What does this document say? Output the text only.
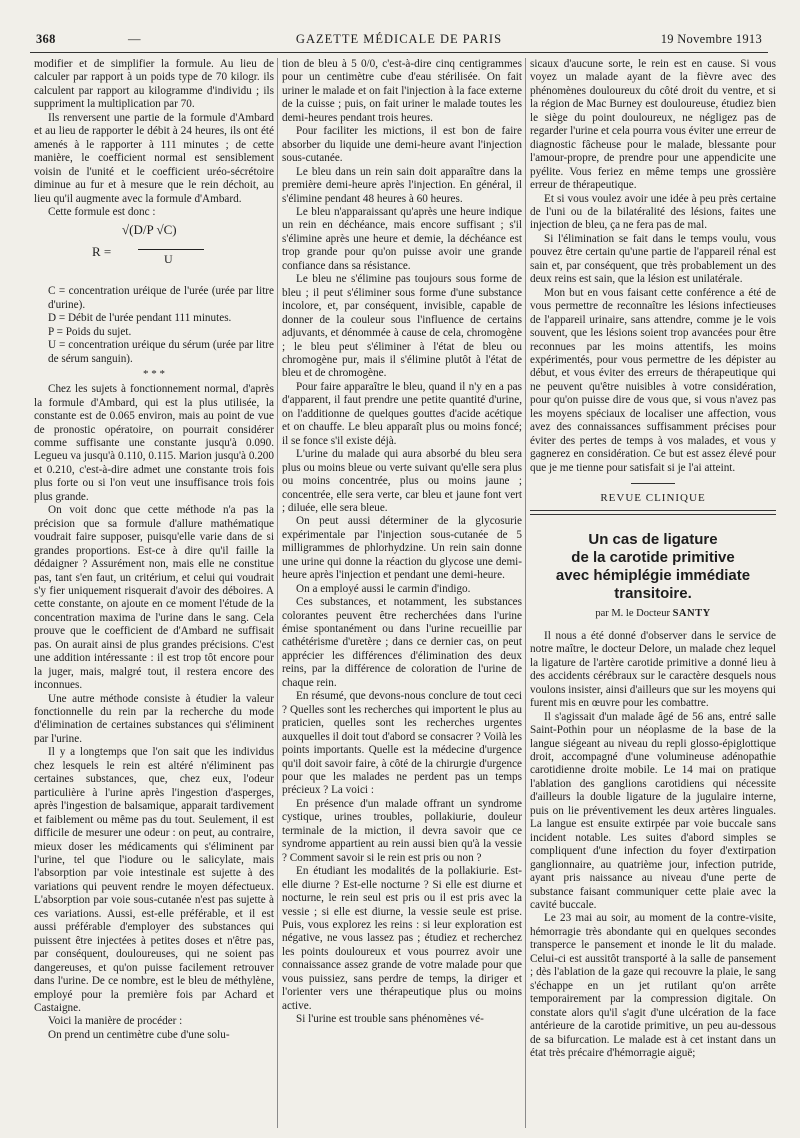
368	—	GAZETTE MÉDICALE DE PARIS	19 Novembre 1913

modifier et de simplifier la formule. Au lieu de calculer par rapport à un poids type de 70 kilogr. ils calculent par rapport au kilogramme d'individu ; ils suppriment la multiplication par 70.

Ils renversent une partie de la formule d'Ambard et au lieu de rapporter le débit à 24 heures, ils ont été amenés à le rapporter à 111 minutes ; de cette manière, le coefficient normal est sensiblement voisin de l'unité et le coefficient uréo-sécrétoire diminue au fur et à mesure que le rein déchoit, au lieu qu'il augmente avec la formule d'Ambard.

Cette formule est donc :

R =
√(D/P √C)
U

C = concentration uréique de l'urée (urée par litre d'urine).

D = Débit de l'urée pendant 111 minutes.

P = Poids du sujet.

U = concentration uréique du sérum (urée par litre de sérum sanguin).

* * *

Chez les sujets à fonctionnement normal, d'après la formule d'Ambard, qui est la plus utilisée, la constante est de 0.065 environ, mais au point de vue de pronostic opératoire, on pourrait considérer comme suffisante une constante jusqu'à 0.090. Legueu va jusqu'à 0.110, 0.115. Marion jusqu'à 0.200 et 0.210, c'est-à-dire admet une constante trois fois plus forte ou si l'on veut une insuffisance trois fois plus grande.

On voit donc que cette méthode n'a pas la précision que sa formule d'allure mathématique voudrait faire supposer, puisqu'elle varie dans de si grandes proportions. Est-ce à dire qu'il faille la dédaigner ? Assurément non, mais elle ne constitue pas, tant s'en faut, un critérium, et celui qui voudrait s'y fier uniquement risquerait d'avoir des déboires. A cette constante, on ajoute en ce moment l'étude de la concentration maxima de l'urine dans le sang. Cela prouve que le coefficient de d'Ambard ne suffisait pas. On aurait ainsi de plus grandes précisions. C'est une addition intéressante : il est trop tôt encore pour la juger, mais, malgré tout, il restera encore des inconnues.

Une autre méthode consiste à étudier la valeur fonctionnelle du rein par la recherche du mode d'élimination de certaines substances qui s'éliminent par l'urine.

Il y a longtemps que l'on sait que les individus chez lesquels le rein est altéré n'éliminent pas certaines substances, que, chez eux, l'odeur particulière à l'urine après l'ingestion d'asperges, après l'ingestion de balsamique, apparait tardivement et faiblement ou même pas du tout. Seulement, il est difficile de mesurer une odeur : on peut, au contraire, mieux doser les médicaments qui s'éliminent par l'urine, tel que l'iodure ou le salicylate, mais l'absorption par voie intestinale est sujette à des variations qui peuvent rendre le moyen défectueux. L'absorption par voie sous-cutanée n'est pas sujette à ces variations. Aussi, est-elle préférable, et il est aussi préférable d'employer des substances qui puissent être injectées à petites doses et n'être pas, par conséquent, douloureuses, qui ne soient pas dangereuses, et qu'on puisse facilement retrouver dans l'urine. De ce nombre, est le bleu de méthylène, employé pour la première fois par Achard et Castaigne.

Voici la manière de procéder :

On prend un centimètre cube d'une solu-

tion de bleu à 5 0/0, c'est-à-dire cinq centigrammes pour un centimètre cube d'eau stérilisée. On fait uriner le malade et on fait l'injection à la face externe de la cuisse ; puis, on fait uriner le malade toutes les demi-heures pendant trois heures.

Pour faciliter les mictions, il est bon de faire absorber du liquide une demi-heure avant l'injection sous-cutanée.

Le bleu dans un rein sain doit apparaître dans la première demi-heure après l'injection. En général, il s'élimine pendant 48 heures à 60 heures.

Le bleu n'apparaissant qu'après une heure indique un rein en déchéance, mais encore suffisant ; s'il s'élimine après une heure et demie, la déchéance est trop grande pour qu'on puisse avoir une grande confiance dans sa résistance.

Le bleu ne s'élimine pas toujours sous forme de bleu ; il peut s'éliminer sous forme d'une substance incolore, et, par conséquent, invisible, capable de donner de la couleur sous l'influence de certains adjuvants, et dénommée à cause de cela, chromogène ; le bleu peut s'éliminer à l'état de bleu ou chromogène pur, mais il s'élimine plutôt à l'état de bleu et de chromogène.

Pour faire apparaître le bleu, quand il n'y en a pas d'apparent, il faut prendre une petite quantité d'urine, on l'additionne de quelques gouttes d'acide acétique et on chauffe. Le bleu apparaît plus ou moins foncé; il se fonce s'il existe déjà.

L'urine du malade qui aura absorbé du bleu sera plus ou moins bleue ou verte suivant qu'elle sera plus ou moins concentrée, plus ou moins jaune ; concentrée, elle sera verte, car bleu et jaune font vert ; diluée, elle sera bleue.

On peut aussi déterminer de la glycosurie expérimentale par l'injection sous-cutanée de 5 milligrammes de phlorhydzine. Un rein sain donne une urine qui donne la réaction du glycose une demi-heure après l'injection et pendant une demi-heure.

On a employé aussi le carmin d'indigo.

Ces substances, et notamment, les substances colorantes peuvent être recherchées dans l'urine émise spontanément ou dans l'urine recueillie par cathétérisme d'uretère ; dans ce dernier cas, on peut apprécier les différences d'élimination des deux reins, par la différence de coloration de l'urine de chaque rein.

En résumé, que devons-nous conclure de tout ceci ? Quelles sont les recherches qui importent le plus au praticien, quelles sont les recherches urgentes auxquelles il doit tout d'abord se consacrer ? Voilà les points importants. Quelle est la médecine d'urgence qu'il doit savoir faire, à côté de la chirurgie d'urgence pour que les malades ne perdent pas un temps précieux ? La voici :

En présence d'un malade offrant un syndrome cystique, urines troubles, pollakiurie, douleur terminale de la miction, il devra savoir que ce syndrome appartient au rein aussi bien qu'à la vessie ? Comment savoir si le rein est pris ou non ?

En étudiant les modalités de la pollakiurie. Est-elle diurne ? Est-elle nocturne ? Si elle est diurne et nocturne, le rein seul est pris ou il est pris avec la vessie ; si elle est diurne, la vessie seule est prise. Puis, vous explorez les reins : si leur exploration est négative, ne vous lassez pas ; étudiez et recherchez les points douloureux et vous pourrez avoir une connaissance assez grande de votre malade pour que vous puissiez, sans perdre de temps, la diriger et l'orienter vers une thérapeutique plus ou moins active.

Si l'urine est trouble sans phénomènes vé-

sicaux d'aucune sorte, le rein est en cause. Si vous voyez un malade ayant de la fièvre avec des phénomènes douloureux du côté droit du ventre, et si la région de Mac Burney est douloureuse, étudiez bien le siège du point douloureux, ne négligez pas de regarder l'urine et cela pourra vous éviter une erreur de diagnostic fâcheuse pour le malade, blessante pour l'amour-propre, de prendre pour une appendicite une pyélite. Vous feriez en même temps une grossière erreur de thérapeutique.

Et si vous voulez avoir une idée à peu près certaine de l'uni ou de la bilatéralité des lésions, faites une injection de bleu, ça ne fera pas de mal.

Si l'élimination se fait dans le temps voulu, vous pouvez être certain qu'une partie de l'appareil rénal est sain et, par conséquent, que très probablement un des deux reins est sain, que la lésion est unilatérale.

Mon but en vous faisant cette conférence a été de vous permettre de reconnaître les lésions infectieuses de l'appareil urinaire, sans attendre, comme je le vois souvent, que les lésions soient trop avancées pour être reconnues par les moins attentifs, les moins expérimentés, pour vous permettre de les dépister au début, et vous éviter des erreurs de thérapeutique qui ne peuvent qu'être nuisibles à votre considération, pour qu'on puisse dire de vous que, si vous n'avez pas les moyens spéciaux de localiser une affection, vous avez des connaissances suffisamment précises pour éviter des pertes de temps à vos malades, et vous y gagnerez en considération. Ce but est assez élevé pour que je me tienne pour satisfait si je l'ai atteint.

REVUE CLINIQUE
Un cas de ligature
de la carotide primitive
avec hémiplégie immédiate transitoire.
par M. le Docteur SANTY

Il nous a été donné d'observer dans le service de notre maître, le docteur Delore, un malade chez lequel la ligature de l'artère carotide primitive a donné lieu à des accidents cérébraux sur le caractère desquels nous voulons insister, ainsi d'ailleurs que sur les moyens qui furent mis en œuvre pour les combattre.

Il s'agissait d'un malade âgé de 56 ans, entré salle Saint-Pothin pour un néoplasme de la base de la langue siégeant au niveau du repli glosso-épiglottique droit, accompagné d'une volumineuse adénopathie carotidienne droite mobile. Le 14 mai on pratique l'ablation des ganglions carotidiens qui nécessite d'ailleurs la double ligature de la jugulaire interne, puis on lie préventivement les deux artères linguales. La langue est ensuite extirpée par voie buccale sans incident notable. Les suites d'abord simples se compliquent d'une infection du foyer d'extirpation ganglionnaire, au quatrième jour, infection putride, ayant pris naissance au niveau d'une perte de substance faisant communiquer cette plaie avec la cavité buccale.

Le 23 mai au soir, au moment de la contre-visite, hémorragie très abondante qui en quelques secondes transperce le pansement et inonde le lit du malade. Celui-ci est aussitôt transporté à la salle de pansement ; dès l'ablation de la gaze qui recouvre la plaie, le sang s'échappe en un jet rutilant qu'on arrête temporairement par la compression digitale. On constate alors qu'il s'agit d'une ulcération de la face antérieure de la carotide primitive, un peu au-dessous de sa bifurcation. Le malade est à cet instant dans un état très précaire d'hémorragie aiguë;
